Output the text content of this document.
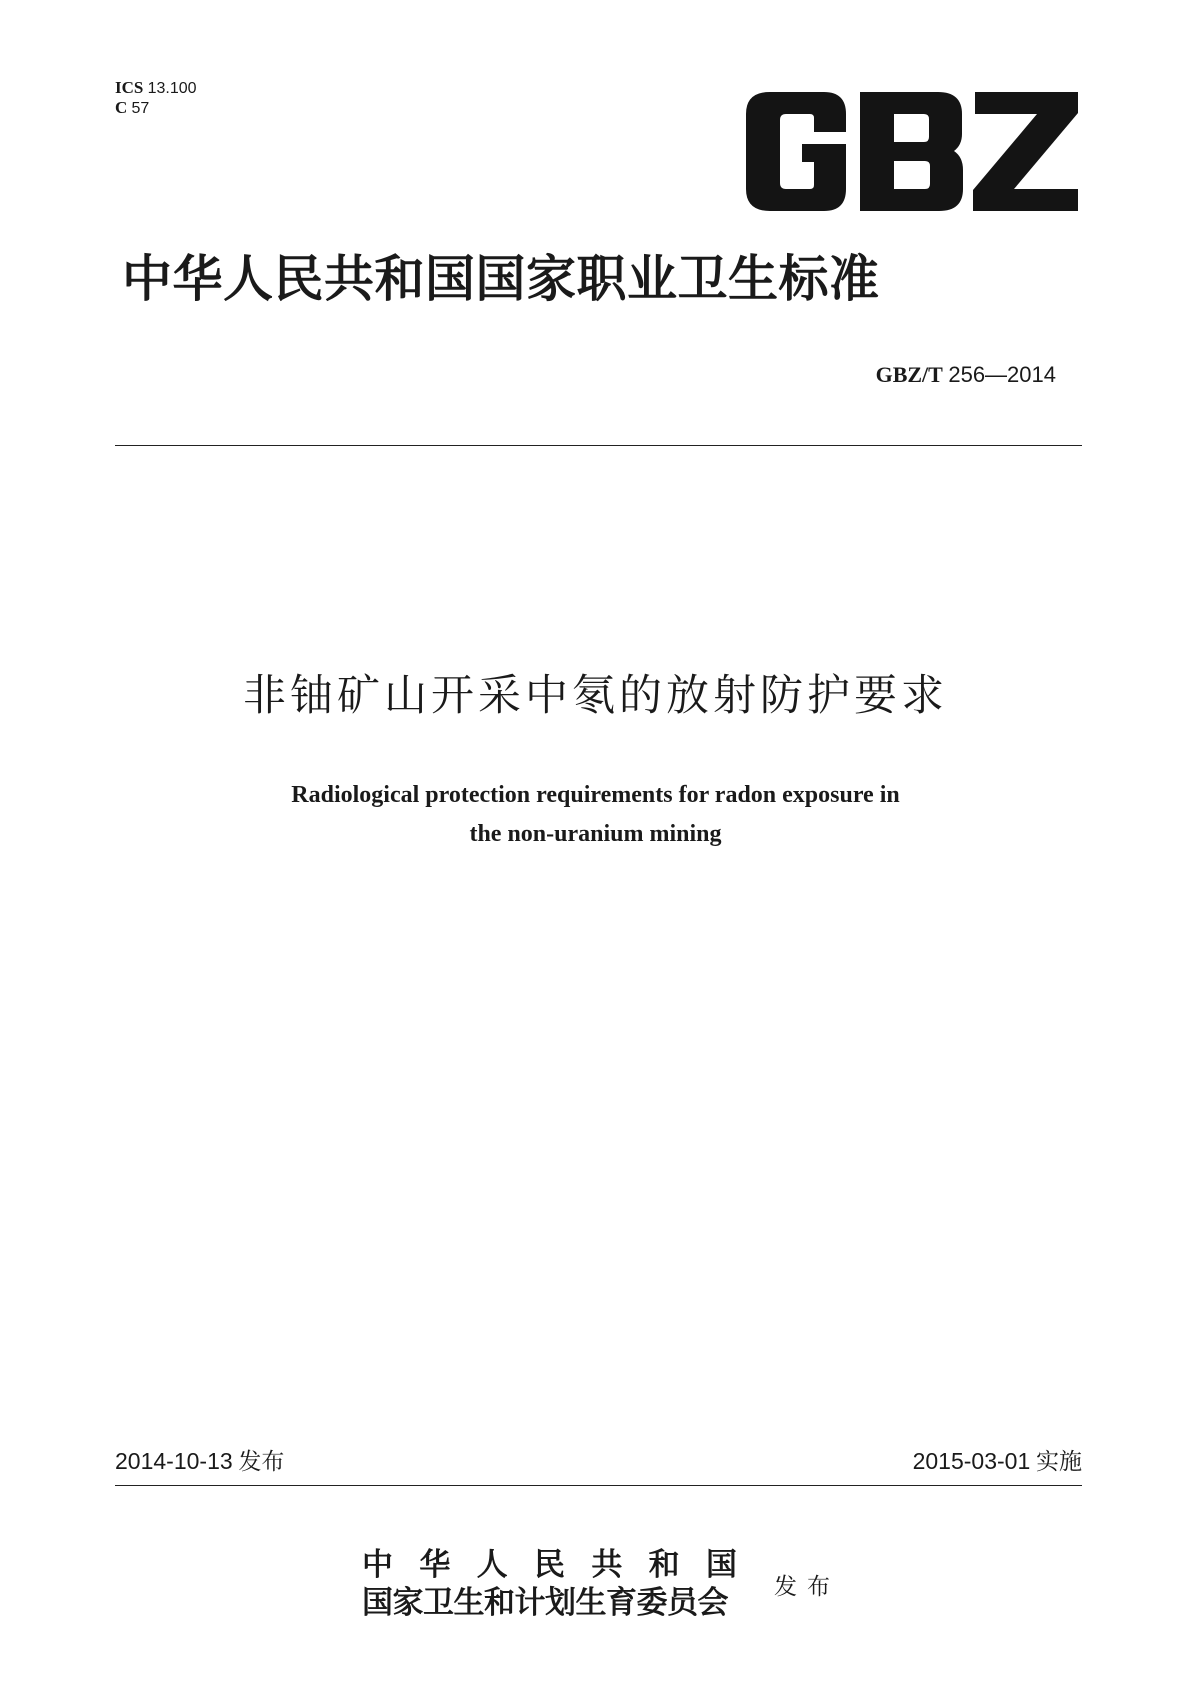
ICS 13.100
C 57
中华人民共和国国家职业卫生标准
GBZ/T 256—2014
非铀矿山开采中氡的放射防护要求
Radiological protection requirements for radon exposure in
the non-uranium mining
2014-10-13 发布	2015-03-01 实施
中 华 人 民 共 和 国
国家卫生和计划生育委员会	发布
